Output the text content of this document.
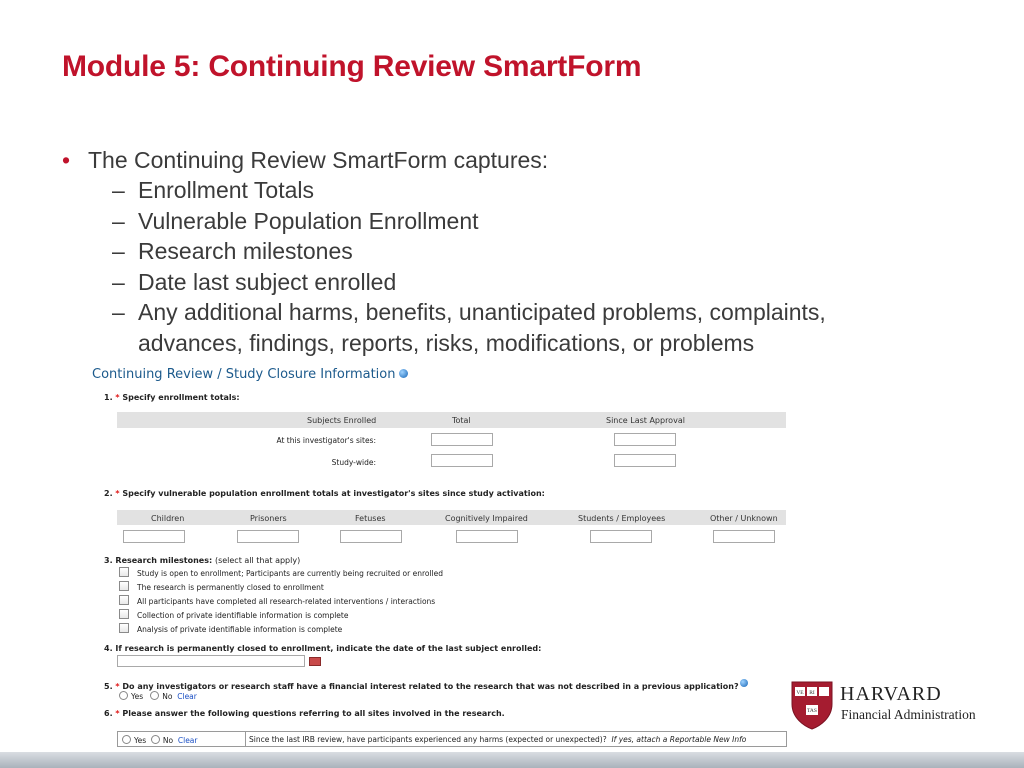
Module 5: Continuing Review SmartForm
• The Continuing Review SmartForm captures:
– Enrollment Totals
– Vulnerable Population Enrollment
– Research milestones
– Date last subject enrolled
– Any additional harms, benefits, unanticipated problems, complaints,
advances, findings, reports, risks, modifications, or problems
Continuing Review / Study Closure Information
1. * Specify enrollment totals:
Subjects Enrolled	Total	Since Last Approval
At this investigator's sites:
Study-wide:
2. * Specify vulnerable population enrollment totals at investigator's sites since study activation:
Children	Prisoners	Fetuses	Cognitively Impaired	Students / Employees	Other / Unknown
3. Research milestones: (select all that apply)
Study is open to enrollment; Participants are currently being recruited or enrolled
The research is permanently closed to enrollment
All participants have completed all research-related interventions / interactions
Collection of private identifiable information is complete
Analysis of private identifiable information is complete
4. If research is permanently closed to enrollment, indicate the date of the last subject enrolled:
5. * Do any investigators or research staff have a financial interest related to the research that was not described in a previous application?
Yes	No Clear
6. * Please answer the following questions referring to all sites involved in the research.
Yes No Clear	Since the last IRB review, have participants experienced any harms (expected or unexpected)? If yes, attach a Reportable New Info
VE RI
TAS
HARVARD
Financial Administration
